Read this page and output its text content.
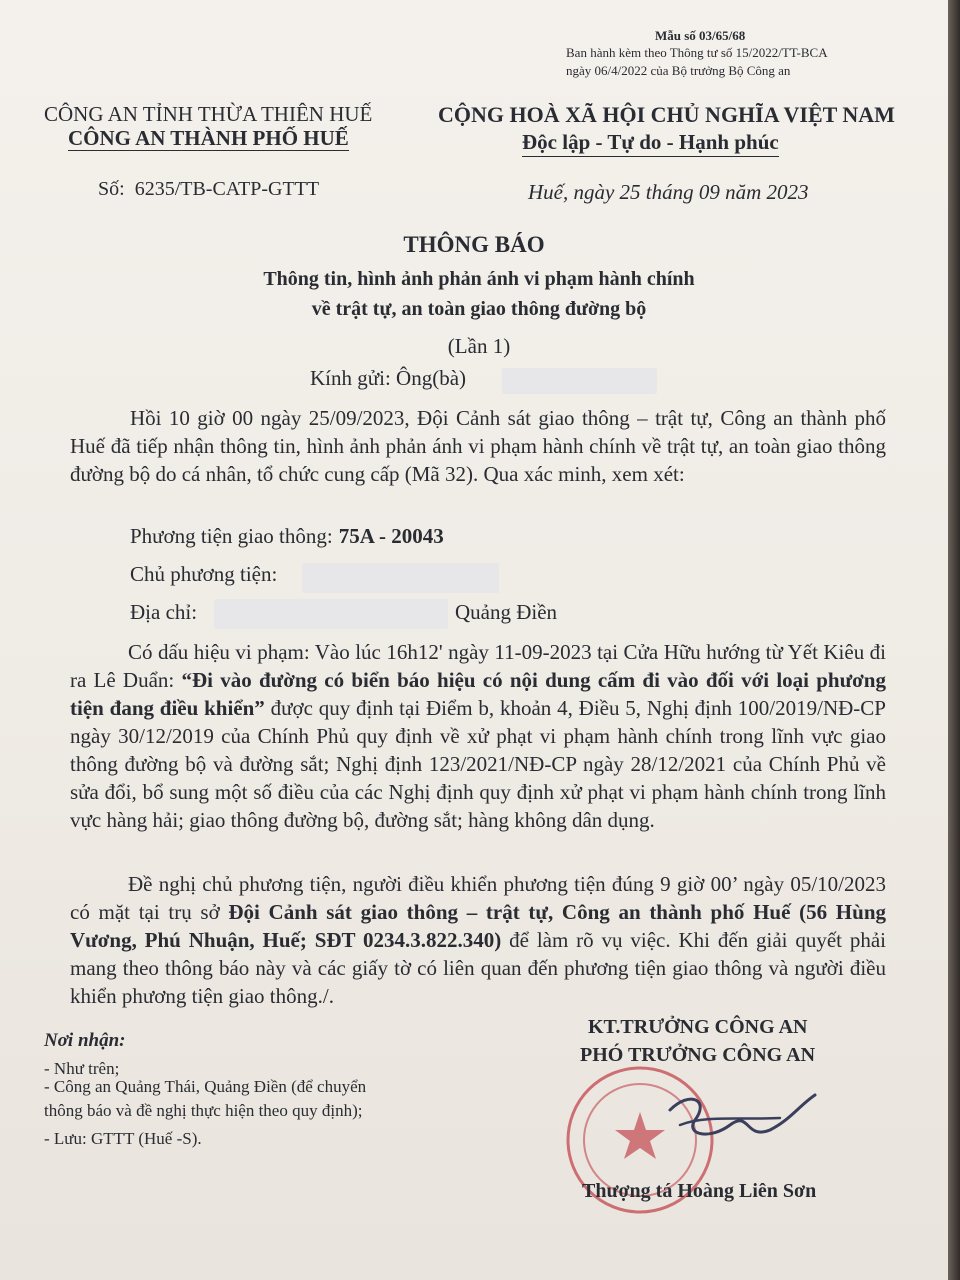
Mẫu số 03/65/68
Ban hành kèm theo Thông tư số 15/2022/TT-BCA
ngày 06/4/2022 của Bộ trưởng Bộ Công an
CÔNG AN TỈNH THỪA THIÊN HUẾ
CÔNG AN THÀNH PHỐ HUẾ
CỘNG HOÀ XÃ HỘI CHỦ NGHĨA VIỆT NAM
Độc lập - Tự do - Hạnh phúc
Số: 6235/TB-CATP-GTTT	Huế, ngày 25 tháng 09 năm 2023
THÔNG BÁO
Thông tin, hình ảnh phản ánh vi phạm hành chính
về trật tự, an toàn giao thông đường bộ
(Lần 1)
Kính gửi: Ông(bà)
Hồi 10 giờ 00 ngày 25/09/2023, Đội Cảnh sát giao thông – trật tự, Công an thành phố Huế đã tiếp nhận thông tin, hình ảnh phản ánh vi phạm hành chính về trật tự, an toàn giao thông đường bộ do cá nhân, tổ chức cung cấp (Mã 32). Qua xác minh, xem xét:
Phương tiện giao thông: 75A - 20043
Chủ phương tiện:
Địa chỉ:	Quảng Điền
Có dấu hiệu vi phạm: Vào lúc 16h12' ngày 11-09-2023 tại Cửa Hữu hướng từ Yết Kiêu đi ra Lê Duẩn: “Đi vào đường có biển báo hiệu có nội dung cấm đi vào đối với loại phương tiện đang điều khiển” được quy định tại Điểm b, khoản 4, Điều 5, Nghị định 100/2019/NĐ-CP ngày 30/12/2019 của Chính Phủ quy định về xử phạt vi phạm hành chính trong lĩnh vực giao thông đường bộ và đường sắt; Nghị định 123/2021/NĐ-CP ngày 28/12/2021 của Chính Phủ về sửa đổi, bổ sung một số điều của các Nghị định quy định xử phạt vi phạm hành chính trong lĩnh vực hàng hải; giao thông đường bộ, đường sắt; hàng không dân dụng.
Đề nghị chủ phương tiện, người điều khiển phương tiện đúng 9 giờ 00’ ngày 05/10/2023 có mặt tại trụ sở Đội Cảnh sát giao thông – trật tự, Công an thành phố Huế (56 Hùng Vương, Phú Nhuận, Huế; SĐT 0234.3.822.340) để làm rõ vụ việc. Khi đến giải quyết phải mang theo thông báo này và các giấy tờ có liên quan đến phương tiện giao thông và người điều khiển phương tiện giao thông./.
Nơi nhận:
- Như trên;
- Công an Quảng Thái, Quảng Điền (để chuyển
thông báo và đề nghị thực hiện theo quy định);
- Lưu: GTTT (Huế -S).
KT.TRƯỞNG CÔNG AN
PHÓ TRƯỞNG CÔNG AN
Thượng tá Hoàng Liên Sơn
